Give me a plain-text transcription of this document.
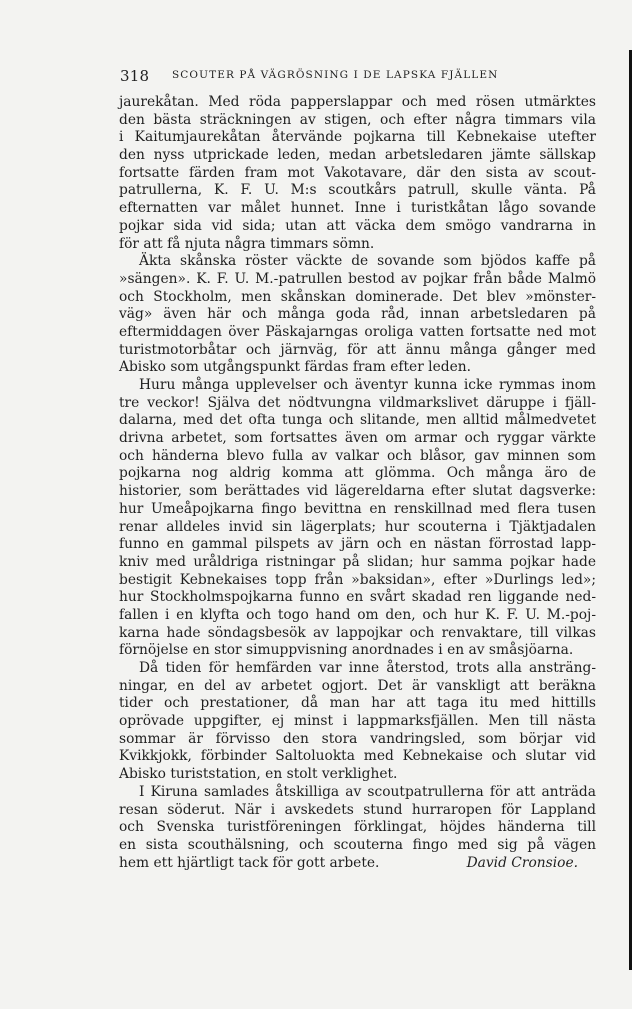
318 SCOUTER PÅ VÄGRÖSNING I DE LAPSKA FJÄLLEN
jaurekåtan. Med röda papperslappar och med rösen utmärktes
den bästa sträckningen av stigen, och efter några timmars vila
i Kaitumjaurekåtan återvände pojkarna till Kebnekaise utefter
den nyss utprickade leden, medan arbetsledaren jämte sällskap
fortsatte färden fram mot Vakotavare, där den sista av scout-
patrullerna, K. F. U. M:s scoutkårs patrull, skulle vänta. På
efternatten var målet hunnet. Inne i turistkåtan lågo sovande
pojkar sida vid sida; utan att väcka dem smögo vandrarna in
för att få njuta några timmars sömn.
Äkta skånska röster väckte de sovande som bjödos kaffe på
»sängen». K. F. U. M.-patrullen bestod av pojkar från både Malmö
och Stockholm, men skånskan dominerade. Det blev »mönster-
väg» även här och många goda råd, innan arbetsledaren på
eftermiddagen över Päskajarngas oroliga vatten fortsatte ned mot
turistmotorbåtar och järnväg, för att ännu många gånger med
Abisko som utgångspunkt färdas fram efter leden.
Huru många upplevelser och äventyr kunna icke rymmas inom
tre veckor! Själva det nödtvungna vildmarkslivet däruppe i fjäll-
dalarna, med det ofta tunga och slitande, men alltid målmedvetet
drivna arbetet, som fortsattes även om armar och ryggar värkte
och händerna blevo fulla av valkar och blåsor, gav minnen som
pojkarna nog aldrig komma att glömma. Och många äro de
historier, som berättades vid lägereldarna efter slutat dagsverke:
hur Umeåpojkarna fingo bevittna en renskillnad med flera tusen
renar alldeles invid sin lägerplats; hur scouterna i Tjäktjadalen
funno en gammal pilspets av järn och en nästan förrostad lapp-
kniv med uråldriga ristningar på slidan; hur samma pojkar hade
bestigit Kebnekaises topp från »baksidan», efter »Durlings led»;
hur Stockholmspojkarna funno en svårt skadad ren liggande ned-
fallen i en klyfta och togo hand om den, och hur K. F. U. M.-poj-
karna hade söndagsbesök av lappojkar och renvaktare, till vilkas
förnöjelse en stor simuppvisning anordnades i en av småsjöarna.
Då tiden för hemfärden var inne återstod, trots alla ansträng-
ningar, en del av arbetet ogjort. Det är vanskligt att beräkna
tider och prestationer, då man har att taga itu med hittills
oprövade uppgifter, ej minst i lappmarksfjällen. Men till nästa
sommar är förvisso den stora vandringsled, som börjar vid
Kvikkjokk, förbinder Saltoluokta med Kebnekaise och slutar vid
Abisko turiststation, en stolt verklighet.
I Kiruna samlades åtskilliga av scoutpatrullerna för att anträda
resan söderut. När i avskedets stund hurraropen för Lappland
och Svenska turistföreningen förklingat, höjdes händerna till
en sista scouthälsning, och scouterna fingo med sig på vägen
hem ett hjärtligt tack för gott arbete.	David Cronsioe.
